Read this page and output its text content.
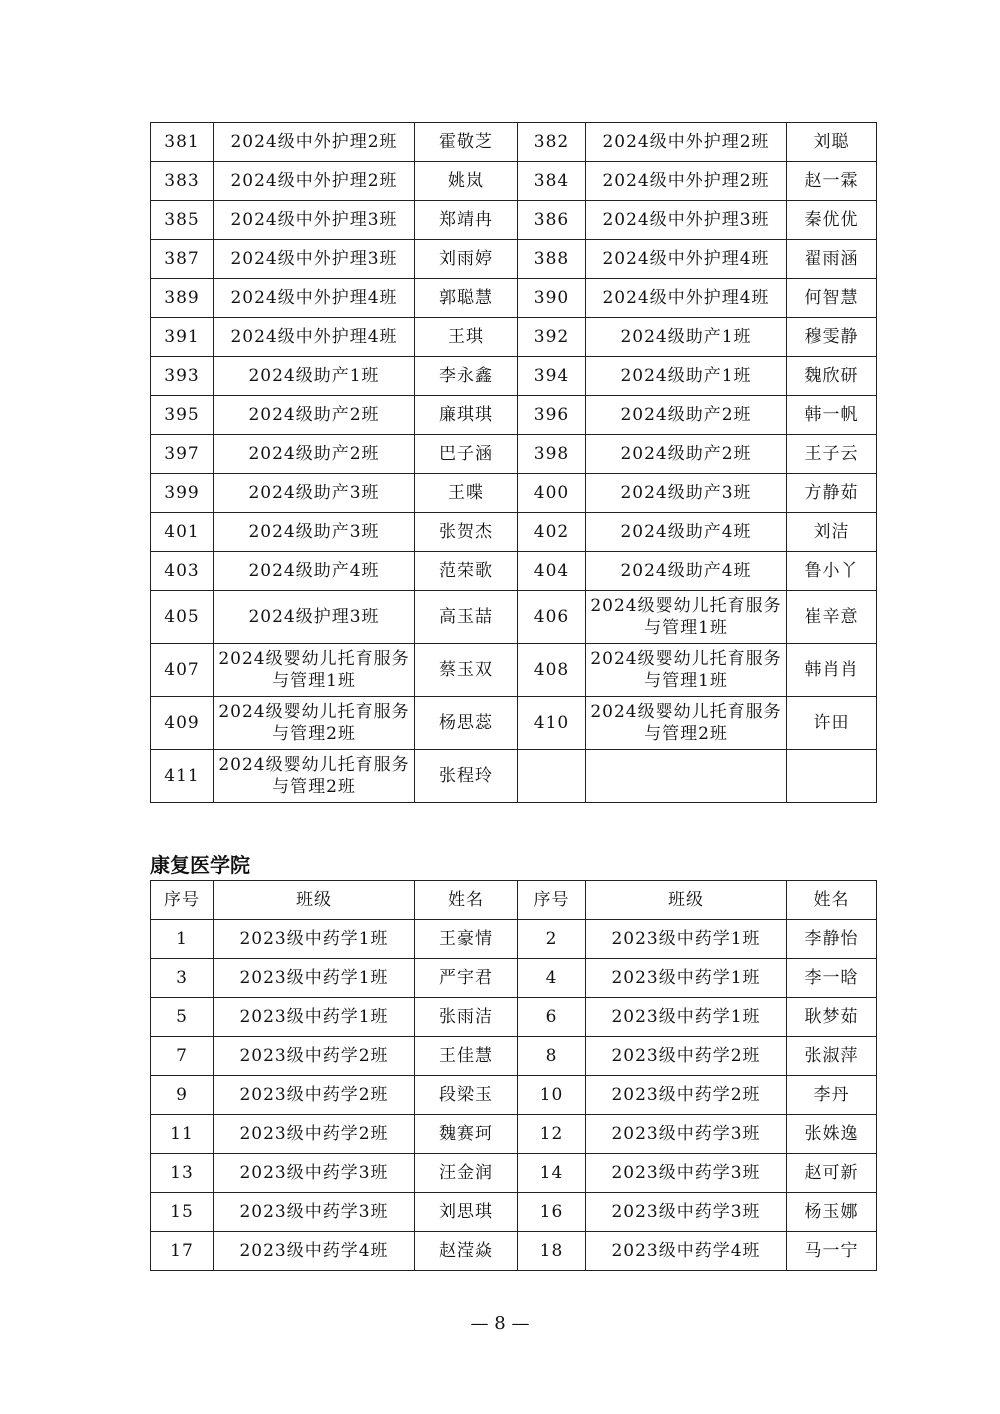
381	2024级中外护理2班	霍敬芝	382	2024级中外护理2班	刘聪
383	2024级中外护理2班	姚岚	384	2024级中外护理2班	赵一霖
385	2024级中外护理3班	郑靖冉	386	2024级中外护理3班	秦优优
387	2024级中外护理3班	刘雨婷	388	2024级中外护理4班	翟雨涵
389	2024级中外护理4班	郭聪慧	390	2024级中外护理4班	何智慧
391	2024级中外护理4班	王琪	392	2024级助产1班	穆雯静
393	2024级助产1班	李永鑫	394	2024级助产1班	魏欣研
395	2024级助产2班	廉琪琪	396	2024级助产2班	韩一帆
397	2024级助产2班	巴子涵	398	2024级助产2班	王子云
399	2024级助产3班	王喋	400	2024级助产3班	方静茹
401	2024级助产3班	张贺杰	402	2024级助产4班	刘洁
403	2024级助产4班	范荣歌	404	2024级助产4班	鲁小丫
405	2024级护理3班	高玉喆	406	2024级婴幼儿托育服务与管理1班	崔辛意
407	2024级婴幼儿托育服务与管理1班	蔡玉双	408	2024级婴幼儿托育服务与管理1班	韩肖肖
409	2024级婴幼儿托育服务与管理2班	杨思蕊	410	2024级婴幼儿托育服务与管理2班	许田
411	2024级婴幼儿托育服务与管理2班	张程玲			
康复医学院
序号	班级	姓名	序号	班级	姓名
1	2023级中药学1班	王豪情	2	2023级中药学1班	李静怡
3	2023级中药学1班	严宇君	4	2023级中药学1班	李一晗
5	2023级中药学1班	张雨洁	6	2023级中药学1班	耿梦茹
7	2023级中药学2班	王佳慧	8	2023级中药学2班	张淑萍
9	2023级中药学2班	段梁玉	10	2023级中药学2班	李丹
11	2023级中药学2班	魏赛珂	12	2023级中药学3班	张姝逸
13	2023级中药学3班	汪金润	14	2023级中药学3班	赵可新
15	2023级中药学3班	刘思琪	16	2023级中药学3班	杨玉娜
17	2023级中药学4班	赵滢焱	18	2023级中药学4班	马一宁
— 8 —
